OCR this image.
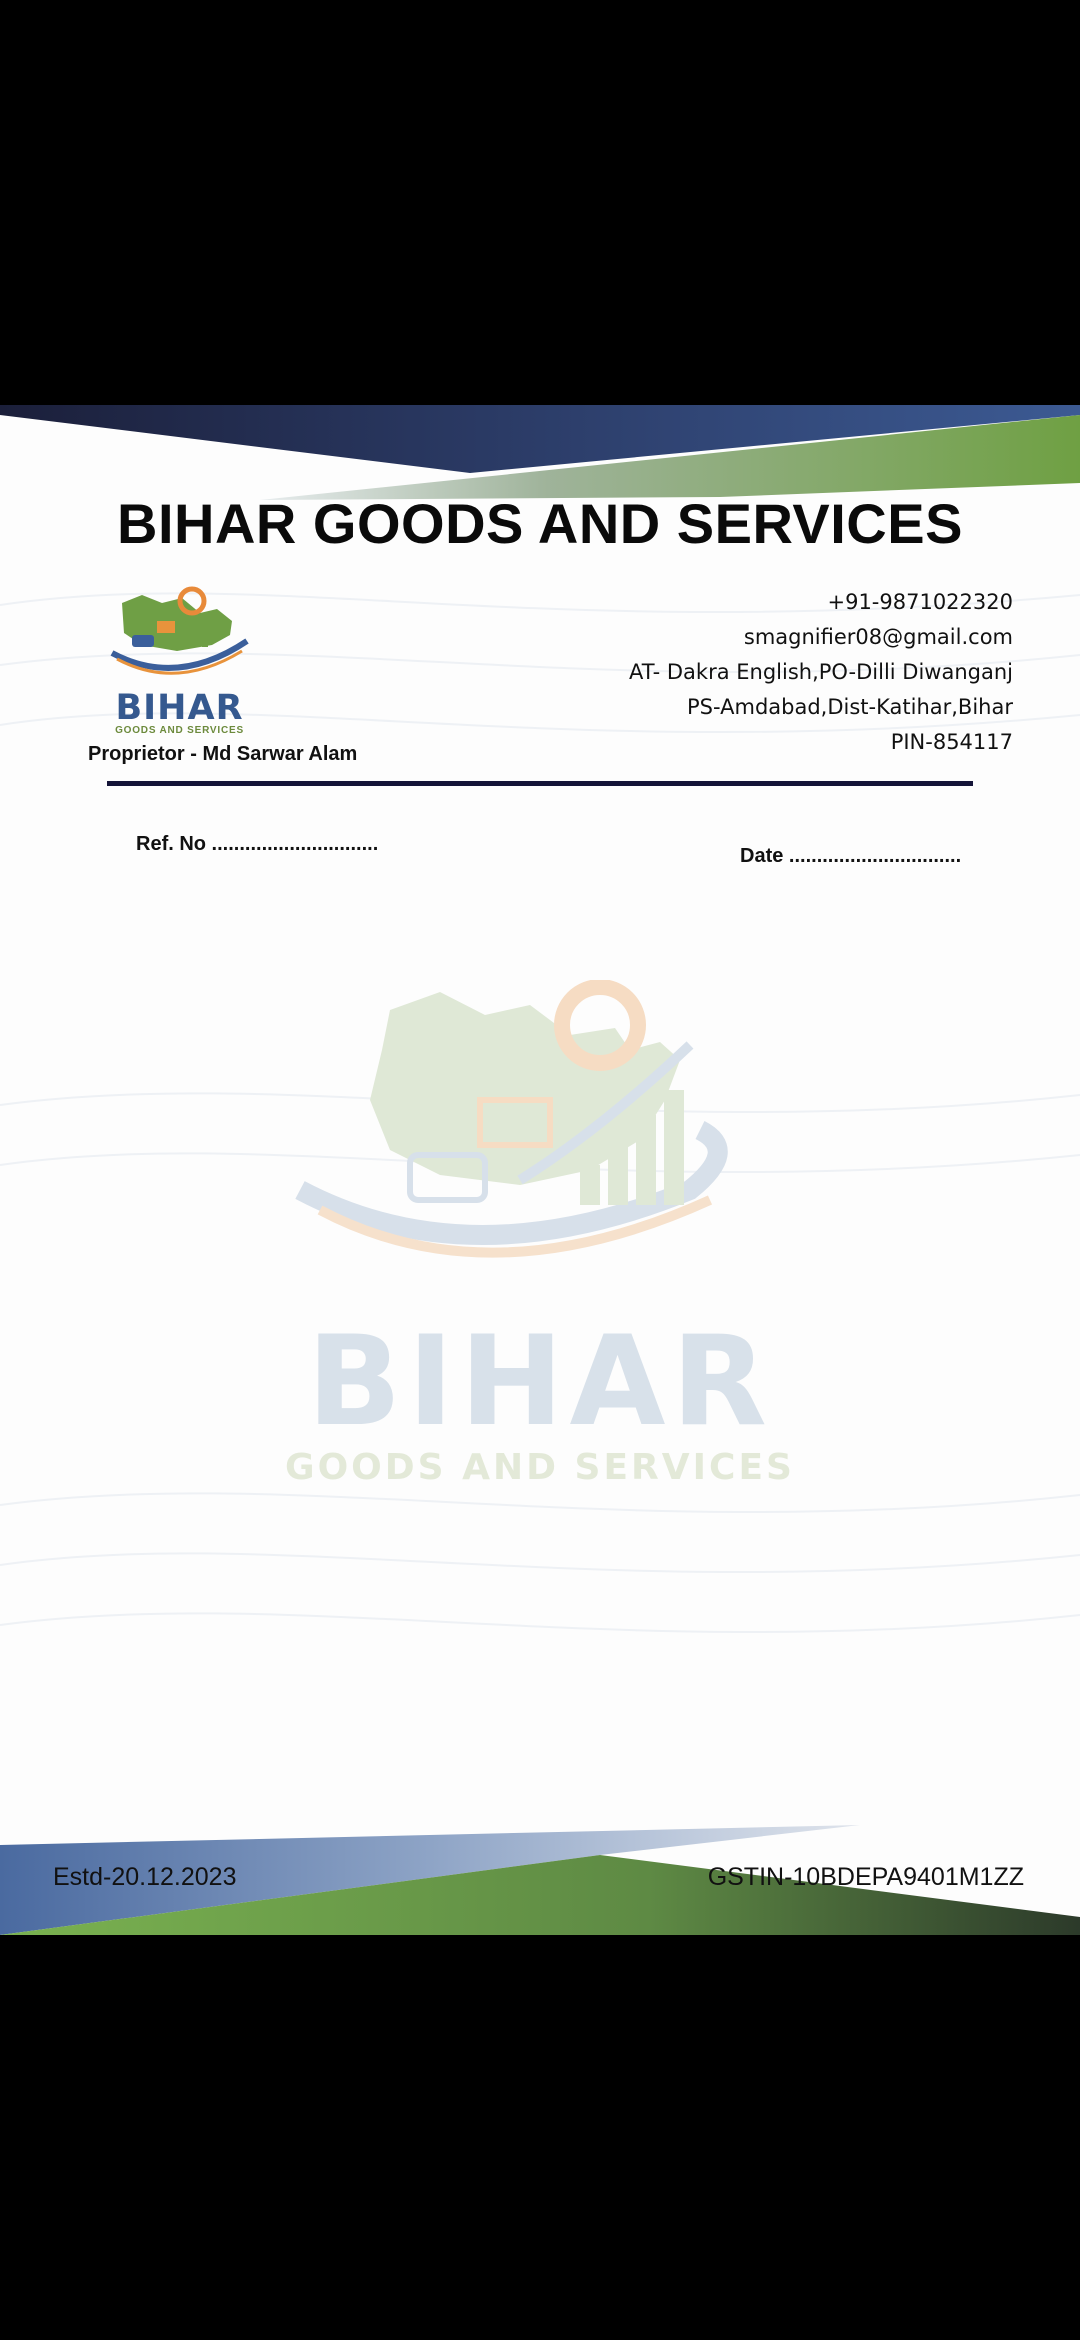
BIHAR GOODS AND SERVICES
BIHAR
GOODS AND SERVICES
Proprietor - Md Sarwar Alam
+91-9871022320
smagnifier08@gmail.com
AT- Dakra English,PO-Dilli Diwanganj
PS-Amdabad,Dist-Katihar,Bihar
PIN-854117
Ref. No ..............................
Date ...............................
BIHAR
GOODS AND SERVICES
Estd-20.12.2023	GSTIN-10BDEPA9401M1ZZ
